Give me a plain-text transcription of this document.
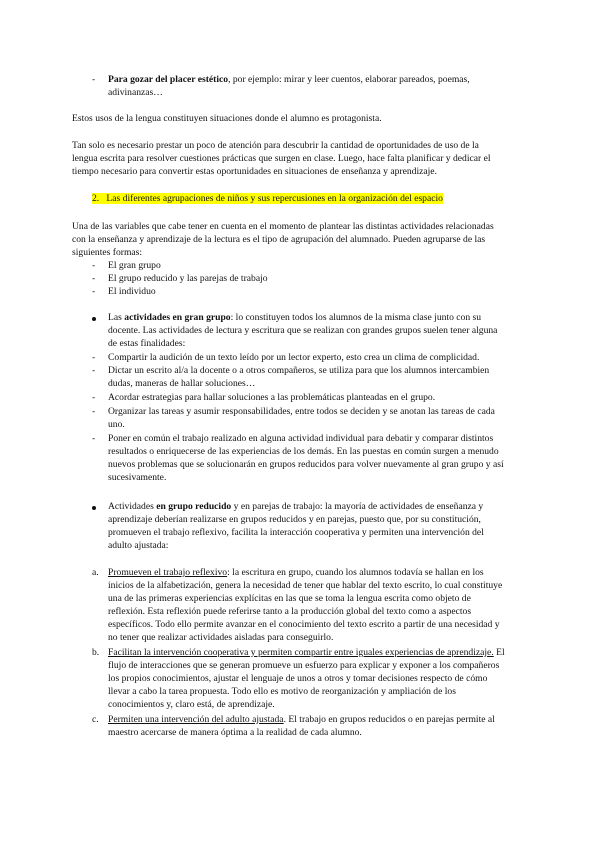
- Para gozar del placer estético, por ejemplo: mirar y leer cuentos, elaborar pareados, poemas,
adivinanzas…

Estos usos de la lengua constituyen situaciones donde el alumno es protagonista.

Tan solo es necesario prestar un poco de atención para descubrir la cantidad de oportunidades de uso de la
lengua escrita para resolver cuestiones prácticas que surgen en clase. Luego, hace falta planificar y dedicar el
tiempo necesario para convertir estas oportunidades en situaciones de enseñanza y aprendizaje.

2. Las diferentes agrupaciones de niños y sus repercusiones en la organización del espacio

Una de las variables que cabe tener en cuenta en el momento de plantear las distintas actividades relacionadas
con la enseñanza y aprendizaje de la lectura es el tipo de agrupación del alumnado. Pueden agruparse de las
siguientes formas:

- El gran grupo
- El grupo reducido y las parejas de trabajo
- El individuo

Las actividades en gran grupo: lo constituyen todos los alumnos de la misma clase junto con su
docente. Las actividades de lectura y escritura que se realizan con grandes grupos suelen tener alguna
de estas finalidades:

- Compartir la audición de un texto leído por un lector experto, esto crea un clima de complicidad.

- Dictar un escrito al/a la docente o a otros compañeros, se utiliza para que los alumnos intercambien
dudas, maneras de hallar soluciones…

- Acordar estrategias para hallar soluciones a las problemáticas planteadas en el grupo.

- Organizar las tareas y asumir responsabilidades, entre todos se deciden y se anotan las tareas de cada
uno.

- Poner en común el trabajo realizado en alguna actividad individual para debatir y comparar distintos
resultados o enriquecerse de las experiencias de los demás. En las puestas en común surgen a menudo
nuevos problemas que se solucionarán en grupos reducidos para volver nuevamente al gran grupo y así
sucesivamente.

Actividades en grupo reducido y en parejas de trabajo: la mayoría de actividades de enseñanza y
aprendizaje deberían realizarse en grupos reducidos y en parejas, puesto que, por su constitución,
promueven el trabajo reflexivo, facilita la interacción cooperativa y permiten una intervención del
adulto ajustada:

a. Promueven el trabajo reflexivo: la escritura en grupo, cuando los alumnos todavía se hallan en los
inicios de la alfabetización, genera la necesidad de tener que hablar del texto escrito, lo cual constituye
una de las primeras experiencias explícitas en las que se toma la lengua escrita como objeto de
reflexión. Esta reflexión puede referirse tanto a la producción global del texto como a aspectos
específicos. Todo ello permite avanzar en el conocimiento del texto escrito a partir de una necesidad y
no tener que realizar actividades aisladas para conseguirlo.

b. Facilitan la intervención cooperativa y permiten compartir entre iguales experiencias de aprendizaje. El
flujo de interacciones que se generan promueve un esfuerzo para explicar y exponer a los compañeros
los propios conocimientos, ajustar el lenguaje de unos a otros y tomar decisiones respecto de cómo
llevar a cabo la tarea propuesta. Todo ello es motivo de reorganización y ampliación de los
conocimientos y, claro está, de aprendizaje.

c. Permiten una intervención del adulto ajustada. El trabajo en grupos reducidos o en parejas permite al
maestro acercarse de manera óptima a la realidad de cada alumno.
